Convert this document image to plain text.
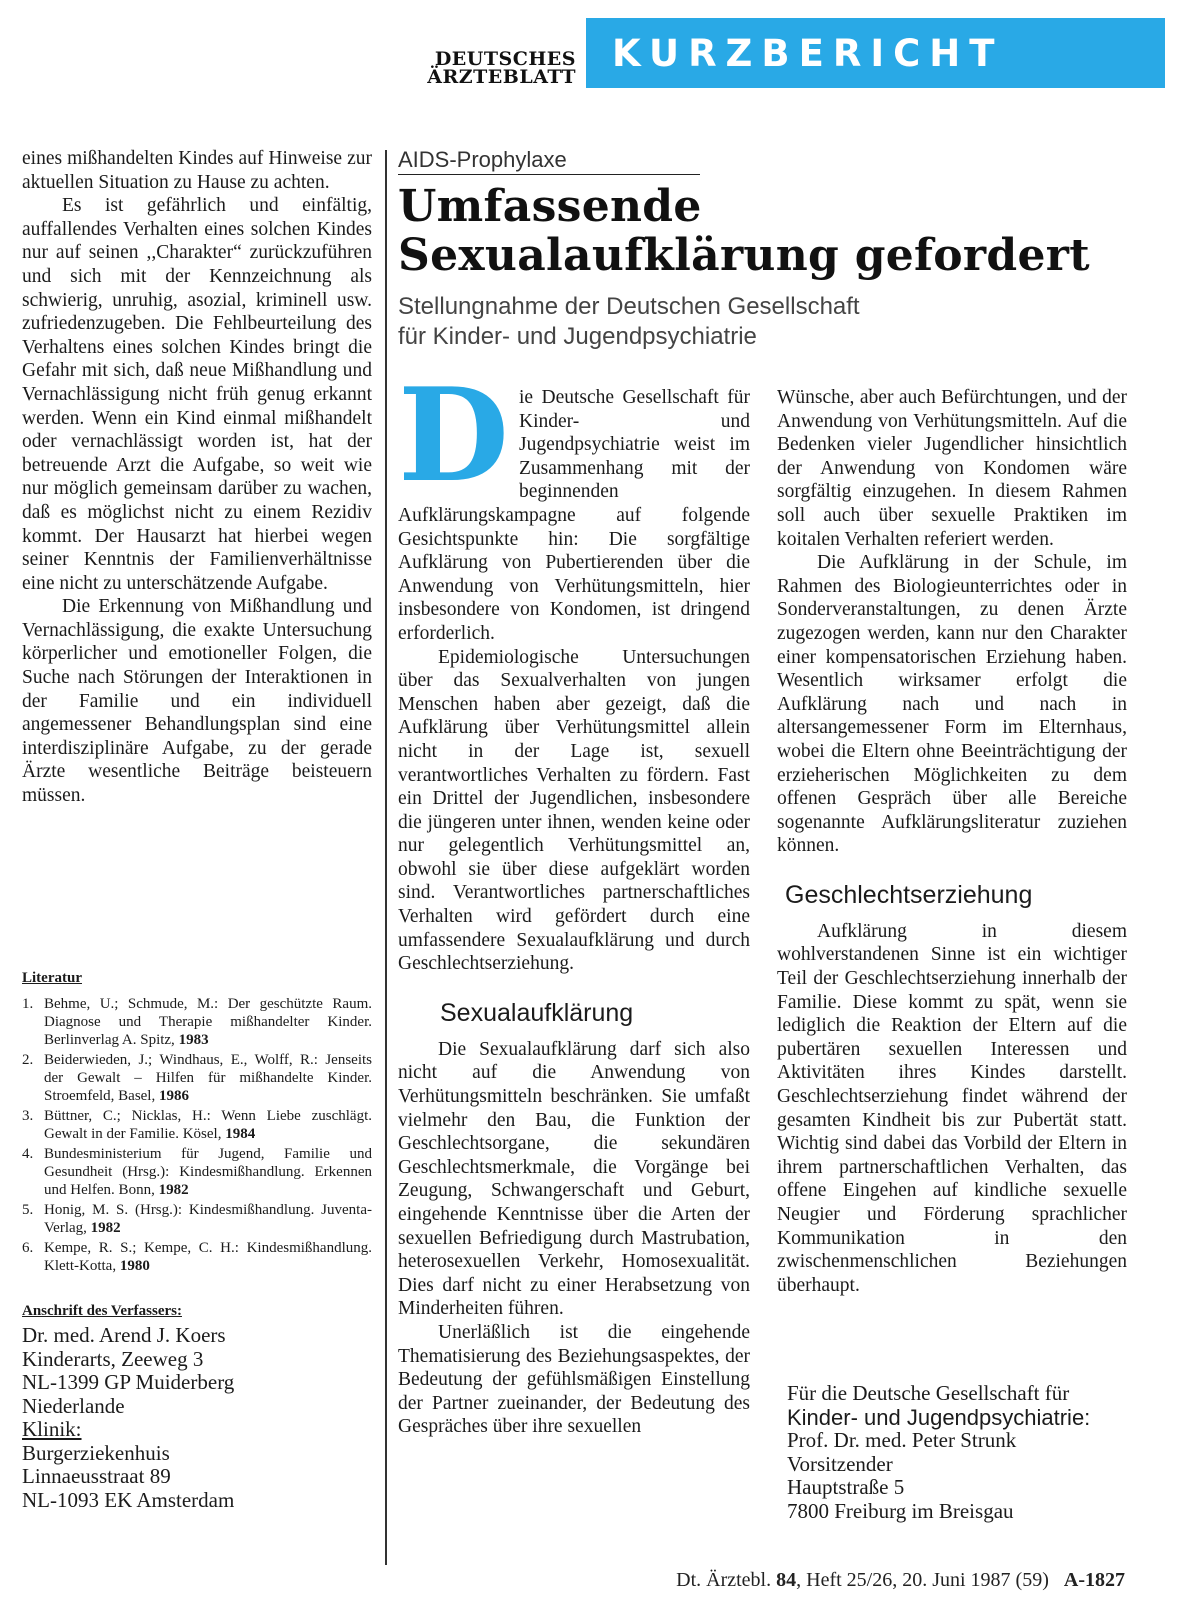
DEUTSCHES
ÄRZTEBLATT
KURZBERICHT

eines mißhandelten Kindes auf Hinweise zur aktuellen Situation zu Hause zu achten.

Es ist gefährlich und einfältig, auffallendes Verhalten eines solchen Kindes nur auf seinen ,,Charakter“ zurückzuführen und sich mit der Kennzeichnung als schwierig, unruhig, asozial, kriminell usw. zufriedenzugeben. Die Fehlbeurteilung des Verhaltens eines solchen Kindes bringt die Gefahr mit sich, daß neue Mißhandlung und Vernachlässigung nicht früh genug erkannt werden. Wenn ein Kind einmal mißhandelt oder vernachlässigt worden ist, hat der betreuende Arzt die Aufgabe, so weit wie nur möglich gemeinsam darüber zu wachen, daß es möglichst nicht zu einem Rezidiv kommt. Der Hausarzt hat hierbei wegen seiner Kenntnis der Familienverhältnisse eine nicht zu unterschätzende Aufgabe.

Die Erkennung von Mißhandlung und Vernachlässigung, die exakte Untersuchung körperlicher und emotioneller Folgen, die Suche nach Störungen der Interaktionen in der Familie und ein individuell angemessener Behandlungsplan sind eine interdisziplinäre Aufgabe, zu der gerade Ärzte wesentliche Beiträge beisteuern müssen.

Literatur
1. Behme, U.; Schmude, M.: Der geschützte Raum. Diagnose und Therapie mißhandelter Kinder. Berlinverlag A. Spitz, 1983
2. Beiderwieden, J.; Windhaus, E., Wolff, R.: Jenseits der Gewalt – Hilfen für mißhandelte Kinder. Stroemfeld, Basel, 1986
3. Büttner, C.; Nicklas, H.: Wenn Liebe zuschlägt. Gewalt in der Familie. Kösel, 1984
4. Bundesministerium für Jugend, Familie und Gesundheit (Hrsg.): Kindesmißhandlung. Erkennen und Helfen. Bonn, 1982
5. Honig, M. S. (Hrsg.): Kindesmißhandlung. Juventa-Verlag, 1982
6. Kempe, R. S.; Kempe, C. H.: Kindesmißhandlung. Klett-Kotta, 1980
Anschrift des Verfassers:
Dr. med. Arend J. Koers
Kinderarts, Zeeweg 3
NL-1399 GP Muiderberg
Niederlande
Klinik:
Burgerziekenhuis
Linnaeusstraat 89
NL-1093 EK Amsterdam
AIDS-Prophylaxe
Umfassende
Sexualaufklärung gefordert
Stellungnahme der Deutschen Gesellschaft
für Kinder- und Jugendpsychiatrie

Die Deutsche Gesellschaft für Kinder- und Jugendpsychiatrie weist im Zusammenhang mit der beginnenden Aufklärungskampagne auf folgende Gesichtspunkte hin: Die sorgfältige Aufklärung von Pubertierenden über die Anwendung von Verhütungsmitteln, hier insbesondere von Kondomen, ist dringend erforderlich.

Epidemiologische Untersuchungen über das Sexualverhalten von jungen Menschen haben aber gezeigt, daß die Aufklärung über Verhütungsmittel allein nicht in der Lage ist, sexuell verantwortliches Verhalten zu fördern. Fast ein Drittel der Jugendlichen, insbesondere die jüngeren unter ihnen, wenden keine oder nur gelegentlich Verhütungsmittel an, obwohl sie über diese aufgeklärt worden sind. Verantwortliches partnerschaftliches Verhalten wird gefördert durch eine umfassendere Sexualaufklärung und durch Geschlechtserziehung.

Sexualaufklärung

Die Sexualaufklärung darf sich also nicht auf die Anwendung von Verhütungsmitteln beschränken. Sie umfaßt vielmehr den Bau, die Funktion der Geschlechtsorgane, die sekundären Geschlechtsmerkmale, die Vorgänge bei Zeugung, Schwangerschaft und Geburt, eingehende Kenntnisse über die Arten der sexuellen Befriedigung durch Mastrubation, heterosexuellen Verkehr, Homosexualität. Dies darf nicht zu einer Herabsetzung von Minderheiten führen.

Unerläßlich ist die eingehende Thematisierung des Beziehungsaspektes, der Bedeutung der gefühlsmäßigen Einstellung der Partner zueinander, der Bedeutung des Gespräches über ihre sexuellen

Wünsche, aber auch Befürchtungen, und der Anwendung von Verhütungsmitteln. Auf die Bedenken vieler Jugendlicher hinsichtlich der Anwendung von Kondomen wäre sorgfältig einzugehen. In diesem Rahmen soll auch über sexuelle Praktiken im koitalen Verhalten referiert werden.

Die Aufklärung in der Schule, im Rahmen des Biologieunterrichtes oder in Sonderveranstaltungen, zu denen Ärzte zugezogen werden, kann nur den Charakter einer kompensatorischen Erziehung haben. Wesentlich wirksamer erfolgt die Aufklärung nach und nach in altersangemessener Form im Elternhaus, wobei die Eltern ohne Beeinträchtigung der erzieherischen Möglichkeiten zu dem offenen Gespräch über alle Bereiche sogenannte Aufklärungsliteratur zuziehen können.

Geschlechtserziehung

Aufklärung in diesem wohlverstandenen Sinne ist ein wichtiger Teil der Geschlechtserziehung innerhalb der Familie. Diese kommt zu spät, wenn sie lediglich die Reaktion der Eltern auf die pubertären sexuellen Interessen und Aktivitäten ihres Kindes darstellt. Geschlechtserziehung findet während der gesamten Kindheit bis zur Pubertät statt. Wichtig sind dabei das Vorbild der Eltern in ihrem partnerschaftlichen Verhalten, das offene Eingehen auf kindliche sexuelle Neugier und Förderung sprachlicher Kommunikation in den zwischenmenschlichen Beziehungen überhaupt.

Für die Deutsche Gesellschaft für
Kinder- und Jugendpsychiatrie:
Prof. Dr. med. Peter Strunk
Vorsitzender
Hauptstraße 5
7800 Freiburg im Breisgau
Dt. Ärztebl. 84, Heft 25/26, 20. Juni 1987 (59) A-1827
